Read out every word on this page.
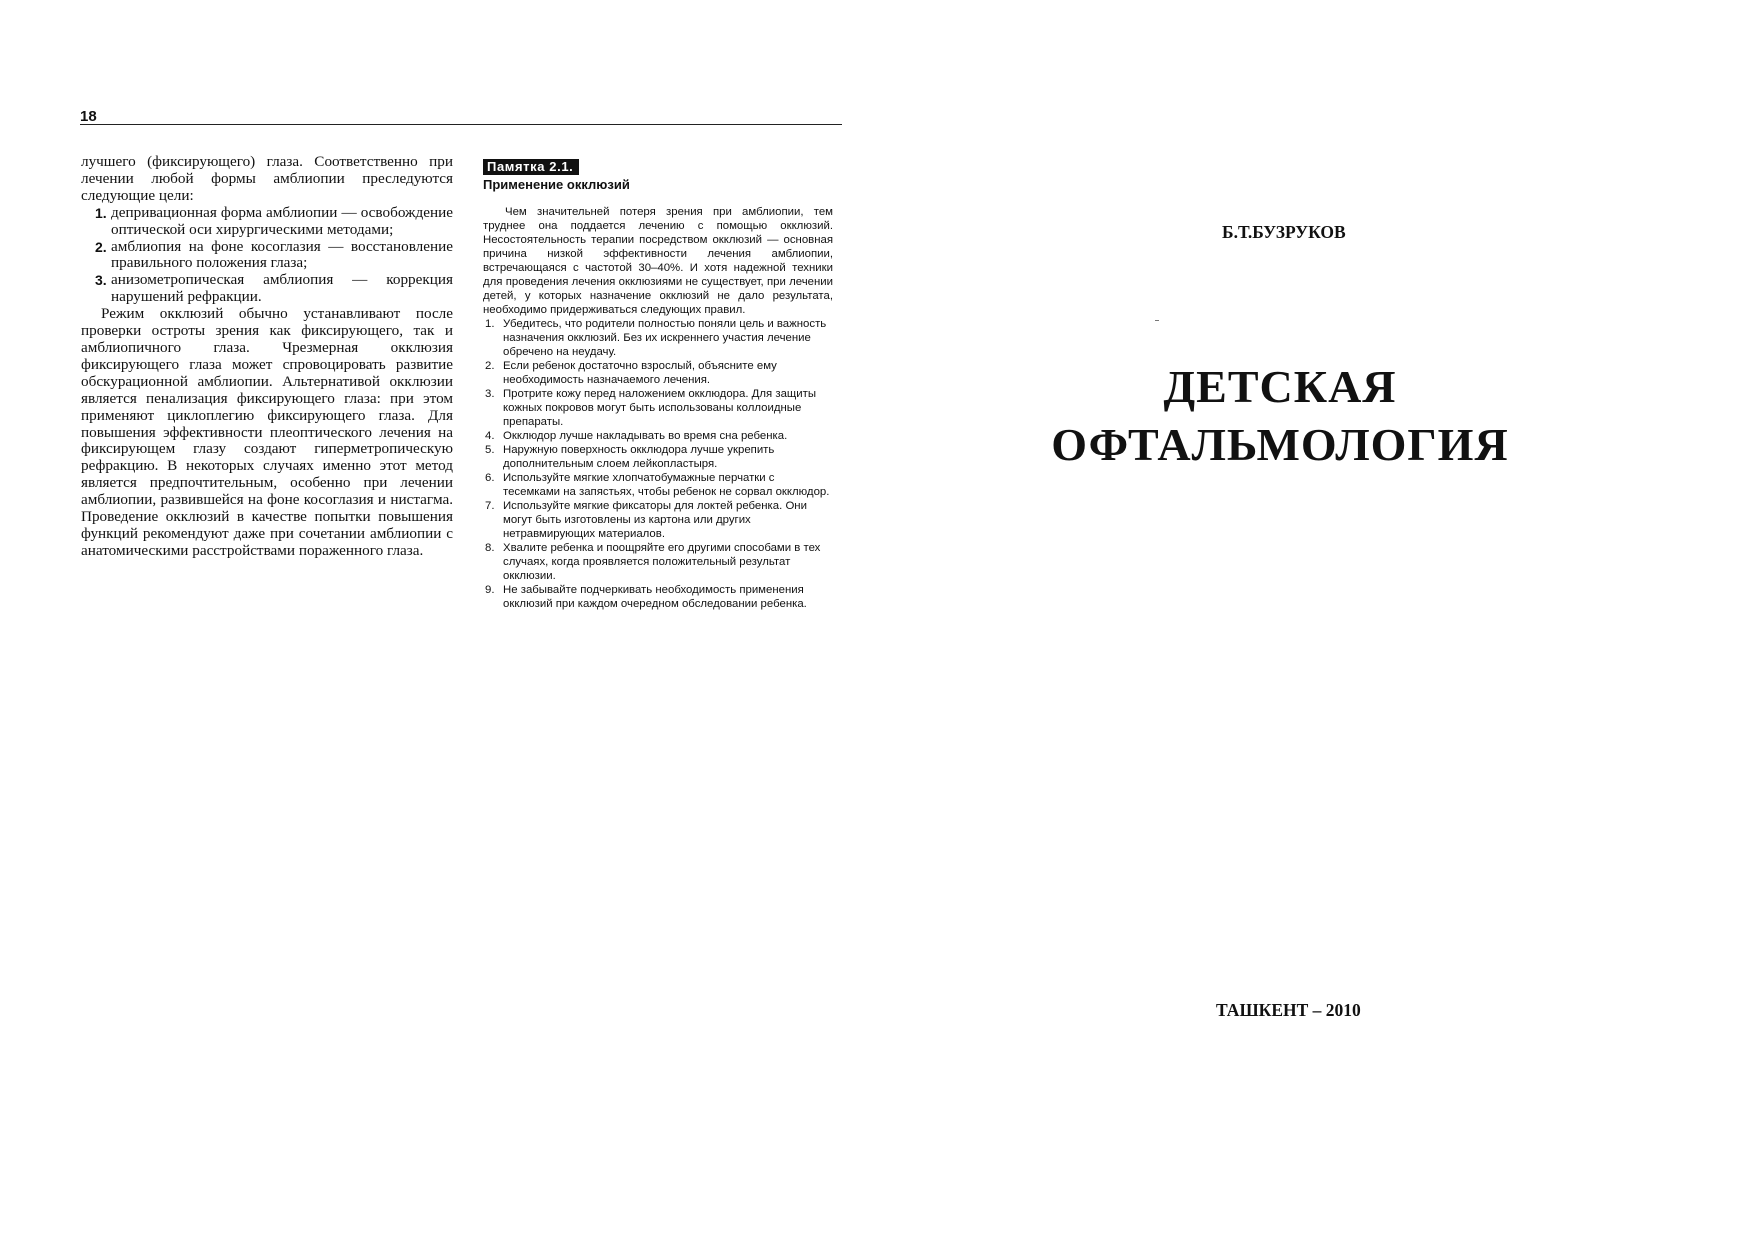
18

лучшего (фиксирующего) глаза. Соответственно при лечении любой формы амблиопии преследуются следующие цели:

1. депривационная форма амблиопии — освобождение оптической оси хирургическими методами;
2. амблиопия на фоне косоглазия — восстановление правильного положения глаза;
3. анизометропическая амблиопия — коррекция нарушений рефракции.

Режим окклюзий обычно устанавливают после проверки остроты зрения как фиксирующего, так и амблиопичного глаза. Чрезмерная окклюзия фиксирующего глаза может спровоцировать развитие обскурационной амблиопии. Альтернативой окклюзии является пенализация фиксирующего глаза: при этом применяют циклоплегию фиксирующего глаза. Для повышения эффективности плеоптического лечения на фиксирующем глазу создают гиперметропическую рефракцию. В некоторых случаях именно этот метод является предпочтительным, особенно при лечении амблиопии, развившейся на фоне косоглазия и нистагма. Проведение окклюзий в качестве попытки повышения функций рекомендуют даже при сочетании амблиопии с анатомическими расстройствами пораженного глаза.

Памятка 2.1.
Применение окклюзий

Чем значительней потеря зрения при амблиопии, тем труднее она поддается лечению с помощью окклюзий. Несостоятельность терапии посредством окклюзий — основная причина низкой эффективности лечения амблиопии, встречающаяся с частотой 30–40%. И хотя надежной техники для проведения лечения окклюзиями не существует, при лечении детей, у которых назначение окклюзий не дало результата, необходимо придерживаться следующих правил.

1. Убедитесь, что родители полностью поняли цель и важность назначения окклюзий. Без их искреннего участия лечение обречено на неудачу.
2. Если ребенок достаточно взрослый, объясните ему необходимость назначаемого лечения.
3. Протрите кожу перед наложением окклюдора. Для защиты кожных покровов могут быть использованы коллоидные препараты.
4. Окклюдор лучше накладывать во время сна ребенка.
5. Наружную поверхность окклюдора лучше укрепить дополнительным слоем лейкопластыря.
6. Используйте мягкие хлопчатобумажные перчатки с тесемками на запястьях, чтобы ребенок не сорвал окклюдор.
7. Используйте мягкие фиксаторы для локтей ребенка. Они могут быть изготовлены из картона или других нетравмирующих материалов.
8. Хвалите ребенка и поощряйте его другими способами в тех случаях, когда проявляется положительный результат окклюзии.
9. Не забывайте подчеркивать необходимость применения окклюзий при каждом очередном обследовании ребенка.
Б.Т.БУЗРУКОВ
ДЕТСКАЯ
ОФТАЛЬМОЛОГИЯ
ТАШКЕНТ – 2010
